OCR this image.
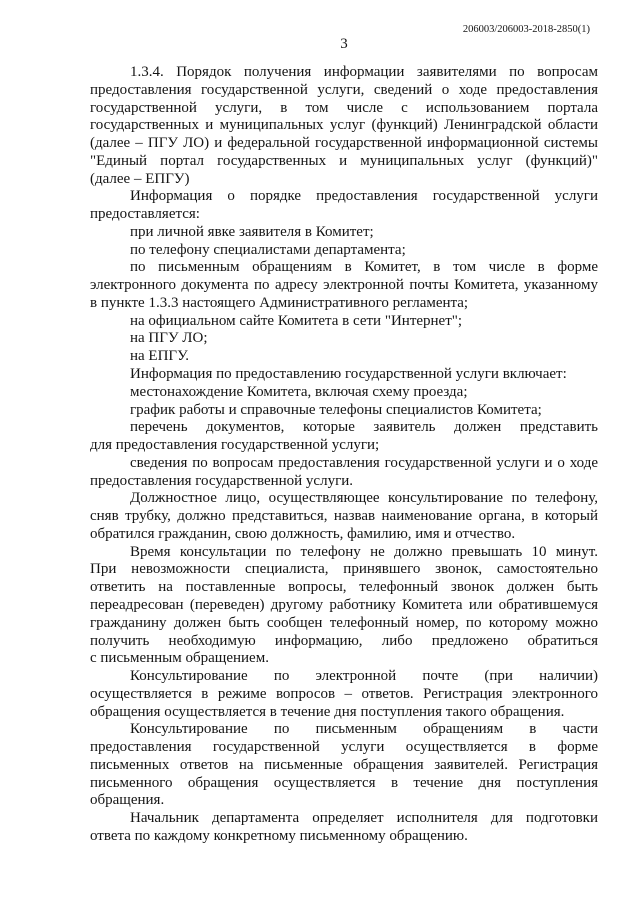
206003/206003-2018-2850(1)
3
1.3.4. Порядок получения информации заявителями по вопросам
предоставления государственной услуги, сведений о ходе предоставления
государственной услуги, в том числе с использованием портала
государственных и муниципальных услуг (функций) Ленинградской области
(далее – ПГУ ЛО) и федеральной государственной информационной системы
"Единый портал государственных и муниципальных услуг (функций)"
(далее – ЕПГУ)
Информация о порядке предоставления государственной услуги
предоставляется:
при личной явке заявителя в Комитет;
по телефону специалистами департамента;
по письменным обращениям в Комитет, в том числе в форме
электронного документа по адресу электронной почты Комитета, указанному
в пункте 1.3.3 настоящего Административного регламента;
на официальном сайте Комитета в сети "Интернет";
на ПГУ ЛО;
на ЕПГУ.
Информация по предоставлению государственной услуги включает:
местонахождение Комитета, включая схему проезда;
график работы и справочные телефоны специалистов Комитета;
перечень документов, которые заявитель должен представить
для предоставления государственной услуги;
сведения по вопросам предоставления государственной услуги и о ходе
предоставления государственной услуги.
Должностное лицо, осуществляющее консультирование по телефону,
сняв трубку, должно представиться, назвав наименование органа, в который
обратился гражданин, свою должность, фамилию, имя и отчество.
Время консультации по телефону не должно превышать 10 минут.
При невозможности специалиста, принявшего звонок, самостоятельно
ответить на поставленные вопросы, телефонный звонок должен быть
переадресован (переведен) другому работнику Комитета или обратившемуся
гражданину должен быть сообщен телефонный номер, по которому можно
получить необходимую информацию, либо предложено обратиться
с письменным обращением.
Консультирование по электронной почте (при наличии)
осуществляется в режиме вопросов – ответов. Регистрация электронного
обращения осуществляется в течение дня поступления такого обращения.
Консультирование по письменным обращениям в части
предоставления государственной услуги осуществляется в форме
письменных ответов на письменные обращения заявителей. Регистрация
письменного обращения осуществляется в течение дня поступления
обращения.
Начальник департамента определяет исполнителя для подготовки
ответа по каждому конкретному письменному обращению.
